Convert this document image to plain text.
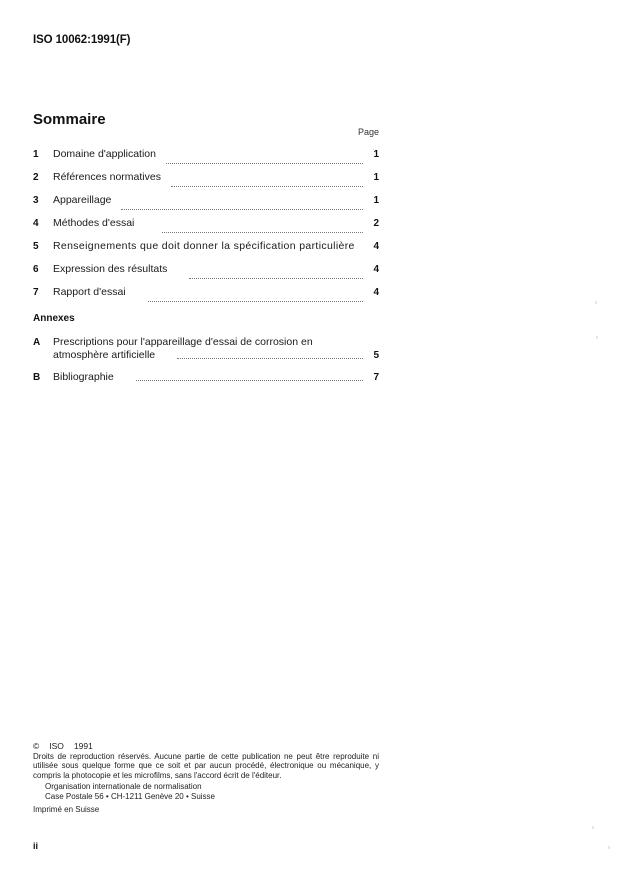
ISO 10062:1991(F)
Sommaire
Page
1	Domaine d'application	1
2	Références normatives	1
3	Appareillage	1
4	Méthodes d'essai	2
5	Renseignements que doit donner la spécification particulière	4
6	Expression des résultats	4
7	Rapport d'essai	4
Annexes
A	Prescriptions pour l'appareillage d'essai de corrosion en
atmosphère artificielle	5
B	Bibliographie	7
© ISO 1991

Droits de reproduction réservés. Aucune partie de cette publication ne peut être reproduite ni utilisée sous quelque forme que ce soit et par aucun procédé, électronique ou mécanique, y compris la photocopie et les microfilms, sans l'accord écrit de l'éditeur.

Organisation internationale de normalisation
Case Postale 56 • CH-1211 Genève 20 • Suisse
Imprimé en Suisse
ii
